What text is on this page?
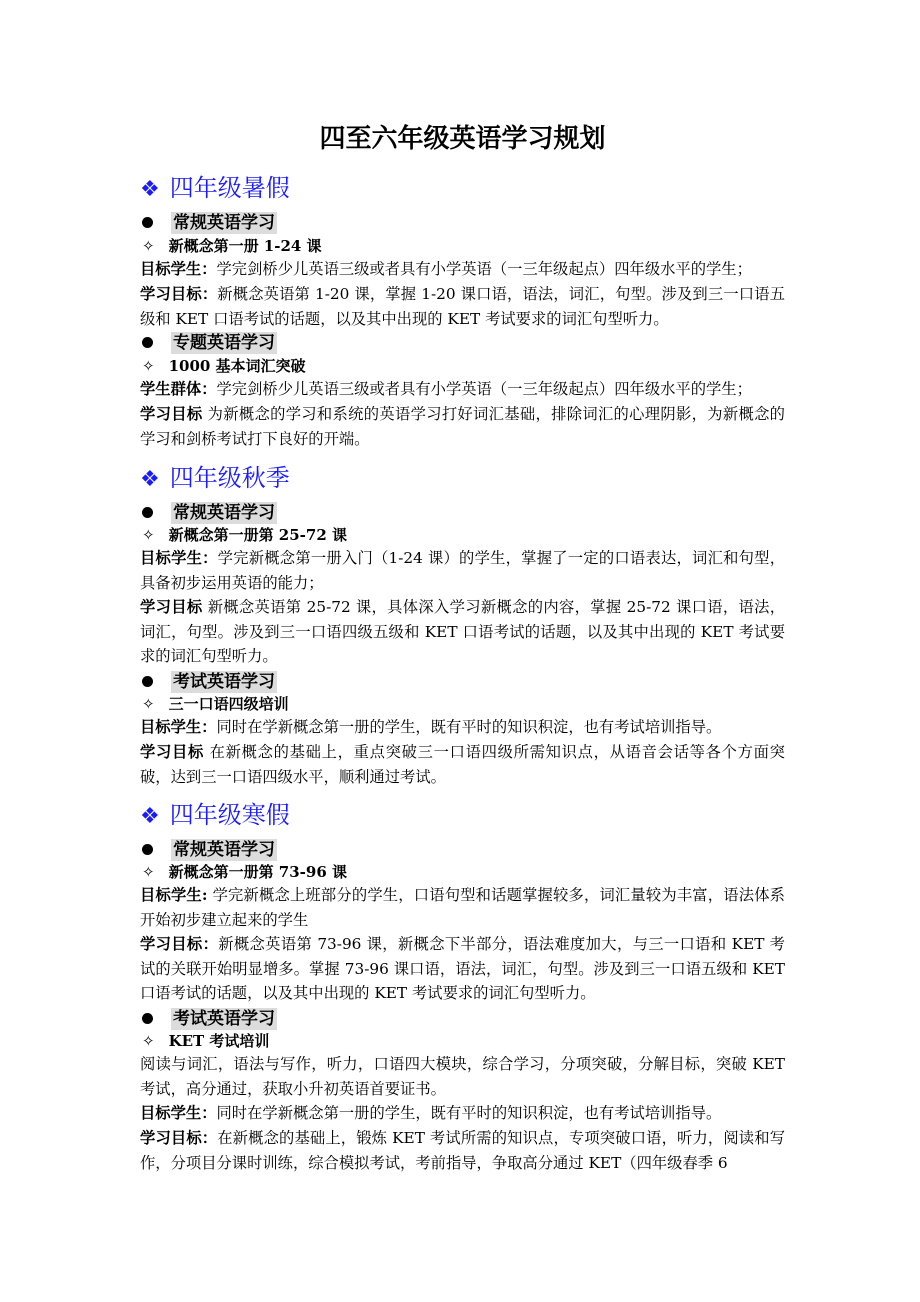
四至六年级英语学习规划
❖ 四年级暑假
常规英语学习
✧ 新概念第一册 1-24 课
目标学生：学完剑桥少儿英语三级或者具有小学英语（一三年级起点）四年级水平的学生；
学习目标：新概念英语第 1-20 课，掌握 1-20 课口语，语法，词汇，句型。涉及到三一口语五级和 KET 口语考试的话题，以及其中出现的 KET 考试要求的词汇句型听力。
专题英语学习
✧ 1000 基本词汇突破
学生群体：学完剑桥少儿英语三级或者具有小学英语（一三年级起点）四年级水平的学生；
学习目标 为新概念的学习和系统的英语学习打好词汇基础，排除词汇的心理阴影，为新概念的学习和剑桥考试打下良好的开端。
❖ 四年级秋季
常规英语学习
✧ 新概念第一册第 25-72 课
目标学生：学完新概念第一册入门（1-24 课）的学生，掌握了一定的口语表达，词汇和句型，具备初步运用英语的能力；
学习目标 新概念英语第 25-72 课，具体深入学习新概念的内容，掌握 25-72 课口语，语法，词汇，句型。涉及到三一口语四级五级和 KET 口语考试的话题，以及其中出现的 KET 考试要求的词汇句型听力。
考试英语学习
✧ 三一口语四级培训
目标学生：同时在学新概念第一册的学生，既有平时的知识积淀，也有考试培训指导。
学习目标 在新概念的基础上，重点突破三一口语四级所需知识点，从语音会话等各个方面突破，达到三一口语四级水平，顺利通过考试。
❖ 四年级寒假
常规英语学习
✧ 新概念第一册第 73-96 课
目标学生: 学完新概念上班部分的学生，口语句型和话题掌握较多，词汇量较为丰富，语法体系开始初步建立起来的学生
学习目标：新概念英语第 73-96 课，新概念下半部分，语法难度加大，与三一口语和 KET 考试的关联开始明显增多。掌握 73-96 课口语，语法，词汇，句型。涉及到三一口语五级和 KET 口语考试的话题，以及其中出现的 KET 考试要求的词汇句型听力。
考试英语学习
✧ KET 考试培训
阅读与词汇，语法与写作，听力，口语四大模块，综合学习，分项突破，分解目标，突破 KET 考试，高分通过，获取小升初英语首要证书。
目标学生：同时在学新概念第一册的学生，既有平时的知识积淀，也有考试培训指导。
学习目标：在新概念的基础上，锻炼 KET 考试所需的知识点，专项突破口语，听力，阅读和写作，分项目分课时训练，综合模拟考试，考前指导，争取高分通过 KET（四年级春季 6
